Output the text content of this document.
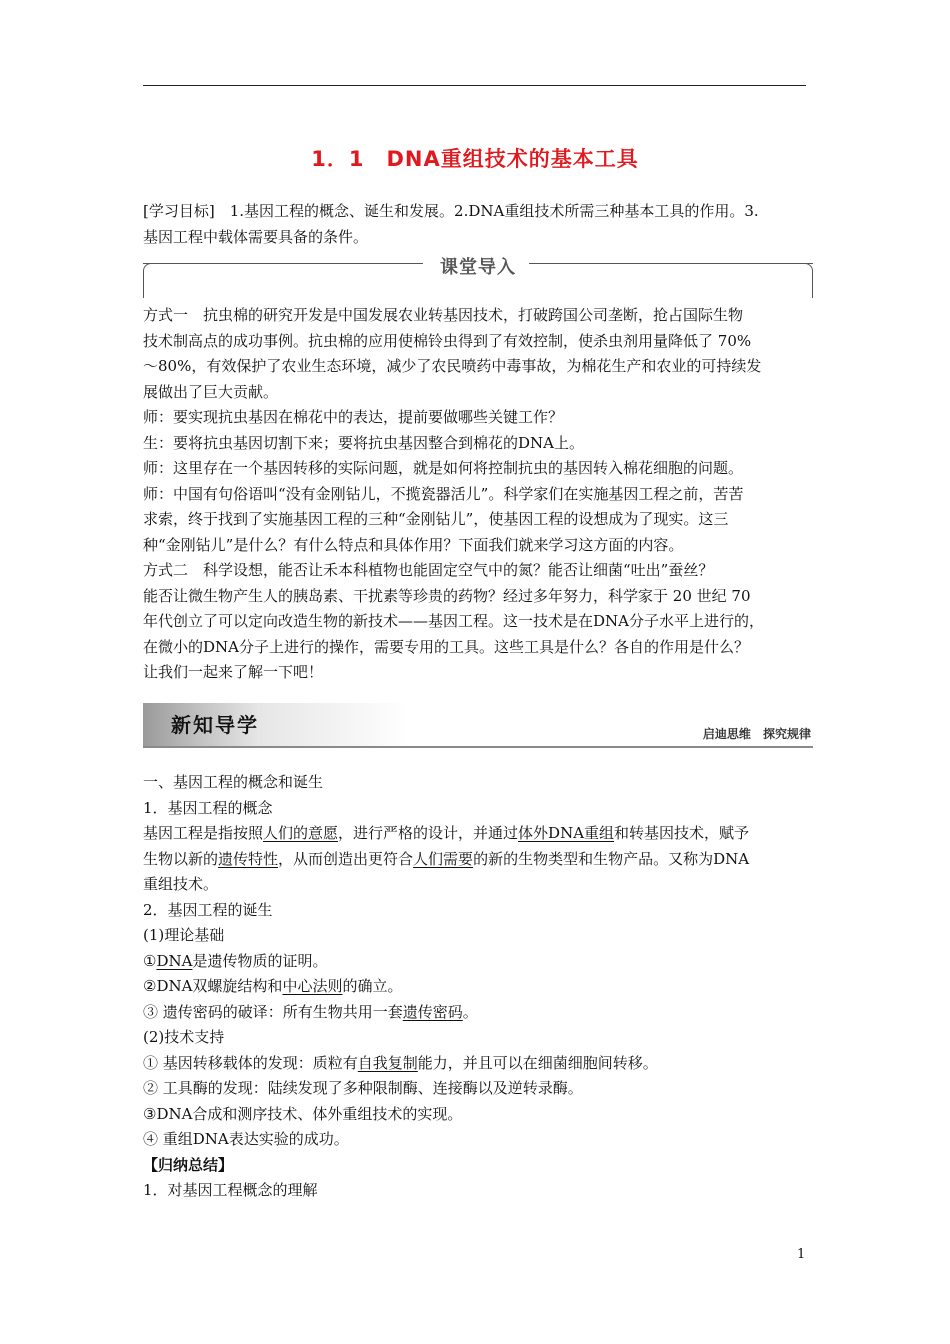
1．1　DNA重组技术的基本工具
[学习目标]　1.基因工程的概念、诞生和发展。2.DNA重组技术所需三种基本工具的作用。3.
基因工程中载体需要具备的条件。
课堂导入
方式一　抗虫棉的研究开发是中国发展农业转基因技术，打破跨国公司垄断，抢占国际生物
技术制高点的成功事例。抗虫棉的应用使棉铃虫得到了有效控制，使杀虫剂用量降低了 70%
～80%，有效保护了农业生态环境，减少了农民喷药中毒事故，为棉花生产和农业的可持续发
展做出了巨大贡献。
师：要实现抗虫基因在棉花中的表达，提前要做哪些关键工作？
生：要将抗虫基因切割下来；要将抗虫基因整合到棉花的DNA上。
师：这里存在一个基因转移的实际问题，就是如何将控制抗虫的基因转入棉花细胞的问题。
师：中国有句俗语叫“没有金刚钻儿，不揽瓷器活儿”。科学家们在实施基因工程之前，苦苦
求索，终于找到了实施基因工程的三种“金刚钻儿”，使基因工程的设想成为了现实。这三
种“金刚钻儿”是什么？有什么特点和具体作用？下面我们就来学习这方面的内容。
方式二　科学设想，能否让禾本科植物也能固定空气中的氮？能否让细菌“吐出”蚕丝？
能否让微生物产生人的胰岛素、干扰素等珍贵的药物？经过多年努力，科学家于 20 世纪 70
年代创立了可以定向改造生物的新技术——基因工程。这一技术是在DNA分子水平上进行的，
在微小的DNA分子上进行的操作，需要专用的工具。这些工具是什么？各自的作用是什么？
让我们一起来了解一下吧！
新知导学	启迪思维 探究规律
一、基因工程的概念和诞生
1．基因工程的概念
基因工程是指按照人们的意愿，进行严格的设计，并通过体外DNA重组和转基因技术，赋予
生物以新的遗传特性，从而创造出更符合人们需要的新的生物类型和生物产品。又称为DNA
重组技术。
2．基因工程的诞生
(1)理论基础
①DNA是遗传物质的证明。
②DNA双螺旋结构和中心法则的确立。
③ 遗传密码的破译：所有生物共用一套遗传密码。
(2)技术支持
① 基因转移载体的发现：质粒有自我复制能力，并且可以在细菌细胞间转移。
② 工具酶的发现：陆续发现了多种限制酶、连接酶以及逆转录酶。
③DNA合成和测序技术、体外重组技术的实现。
④ 重组DNA表达实验的成功。
【归纳总结】
1．对基因工程概念的理解
1
